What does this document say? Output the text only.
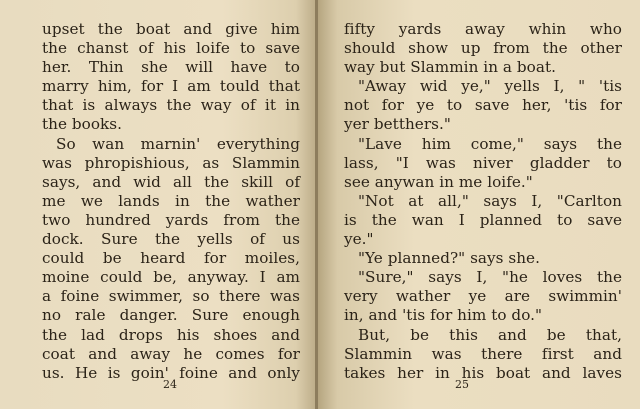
upset the boat and give him
the chanst of his loife to save
her. Thin she will have to
marry him, for I am tould that
that is always the way of it in
the books.
So wan marnin' everything
was phropishious, as Slammin
says, and wid all the skill of
me we lands in the wather
two hundred yards from the
dock. Sure the yells of us
could be heard for moiles,
moine could be, anyway. I am
a foine swimmer, so there was
no rale danger. Sure enough
the lad drops his shoes and
coat and away he comes for
us. He is goin' foine and only
24
fifty yards away whin who
should show up from the other
way but Slammin in a boat.
"Away wid ye," yells I, " 'tis
not for ye to save her, 'tis for
yer betthers."
"Lave him come," says the
lass, "I was niver gladder to
see anywan in me loife."
"Not at all," says I, "Carlton
is the wan I planned to save
ye."
"Ye planned?" says she.
"Sure," says I, "he loves the
very wather ye are swimmin'
in, and 'tis for him to do."
But, be this and be that,
Slammin was there first and
takes her in his boat and laves
25
